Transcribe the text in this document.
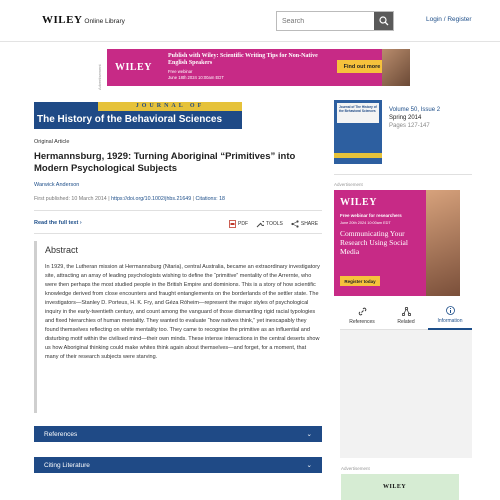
WILEY Online Library
Search	Login / Register
Advertisement	WILEY
Publish with Wiley: Scientific Writing Tips for Non-Native English Speakers
Free webinar
June 18th 2024 10:00am EDT
Find out more
JOURNAL OF
The History of the Behavioral Sciences
Original Article
Hermannsburg, 1929: Turning Aboriginal “Primitives” into Modern Psychological Subjects
Warwick Anderson
First published: 10 March 2014 | https://doi.org/10.1002/jhbs.21649 | Citations: 18
Read the full text ›	PDF	TOOLS	SHARE
Abstract
In 1929, the Lutheran mission at Hermannsburg (Ntaria), central Australia, became an extraordinary investigatory site, attracting an array of leading psychologists wishing to define the “primitive” mentality of the Arrernte, who were then perhaps the most studied people in the British Empire and dominions. This is a story of how scientific knowledge derived from close encounters and fraught entanglements on the borderlands of the settler state. The investigators—Stanley D. Porteus, H. K. Fry, and Géza Róheim—represent the major styles of psychological inquiry in the early-twentieth century, and count among the vanguard of those dismantling rigid racial typologies and fixed hierarchies of human mentality. They wanted to evaluate “how natives think,” yet inescapably they found themselves reflecting on white mentality too. They came to recognise the primitive as an influential and disturbing motif within the civilised mind—their own minds. These intense interactions in the central deserts show us how Aboriginal thinking could make whites think again about themselves—and forget, for a moment, that many of their research subjects were starving.
References	⌄
Citing Literature	⌄
Journal of The History of the Behavioral Sciences	Volume 50, Issue 2
Spring 2014
Pages 127-147
Advertisement
WILEY
Free webinar for researchers
June 20th 2024 10:00am EDT
Communicating Your Research Using Social Media
Register today
References	Related	Information
Advertisement
WILEY
